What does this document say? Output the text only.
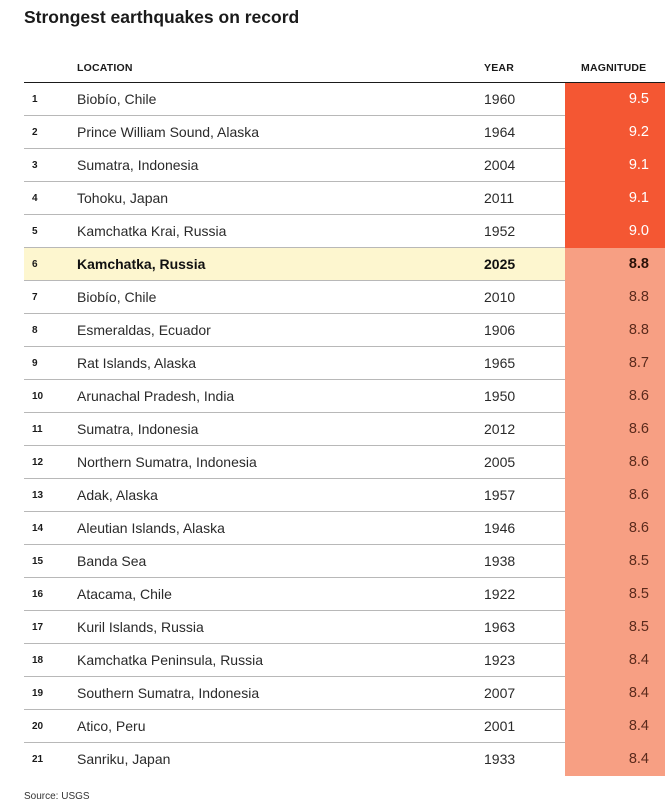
Strongest earthquakes on record
LOCATION	YEAR	MAGNITUDE
1	Biobío, Chile	1960	9.5
2	Prince William Sound, Alaska	1964	9.2
3	Sumatra, Indonesia	2004	9.1
4	Tohoku, Japan	2011	9.1
5	Kamchatka Krai, Russia	1952	9.0
6	Kamchatka, Russia	2025	8.8
7	Biobío, Chile	2010	8.8
8	Esmeraldas, Ecuador	1906	8.8
9	Rat Islands, Alaska	1965	8.7
10 Arunachal Pradesh, India	1950	8.6
11 Sumatra, Indonesia	2012	8.6
12 Northern Sumatra, Indonesia	2005	8.6
13 Adak, Alaska	1957	8.6
14 Aleutian Islands, Alaska	1946	8.6
15 Banda Sea	1938	8.5
16 Atacama, Chile	1922	8.5
17 Kuril Islands, Russia	1963	8.5
18 Kamchatka Peninsula, Russia	1923	8.4
19 Southern Sumatra, Indonesia	2007	8.4
20 Atico, Peru	2001	8.4
21 Sanriku, Japan	1933	8.4
Source: USGS
